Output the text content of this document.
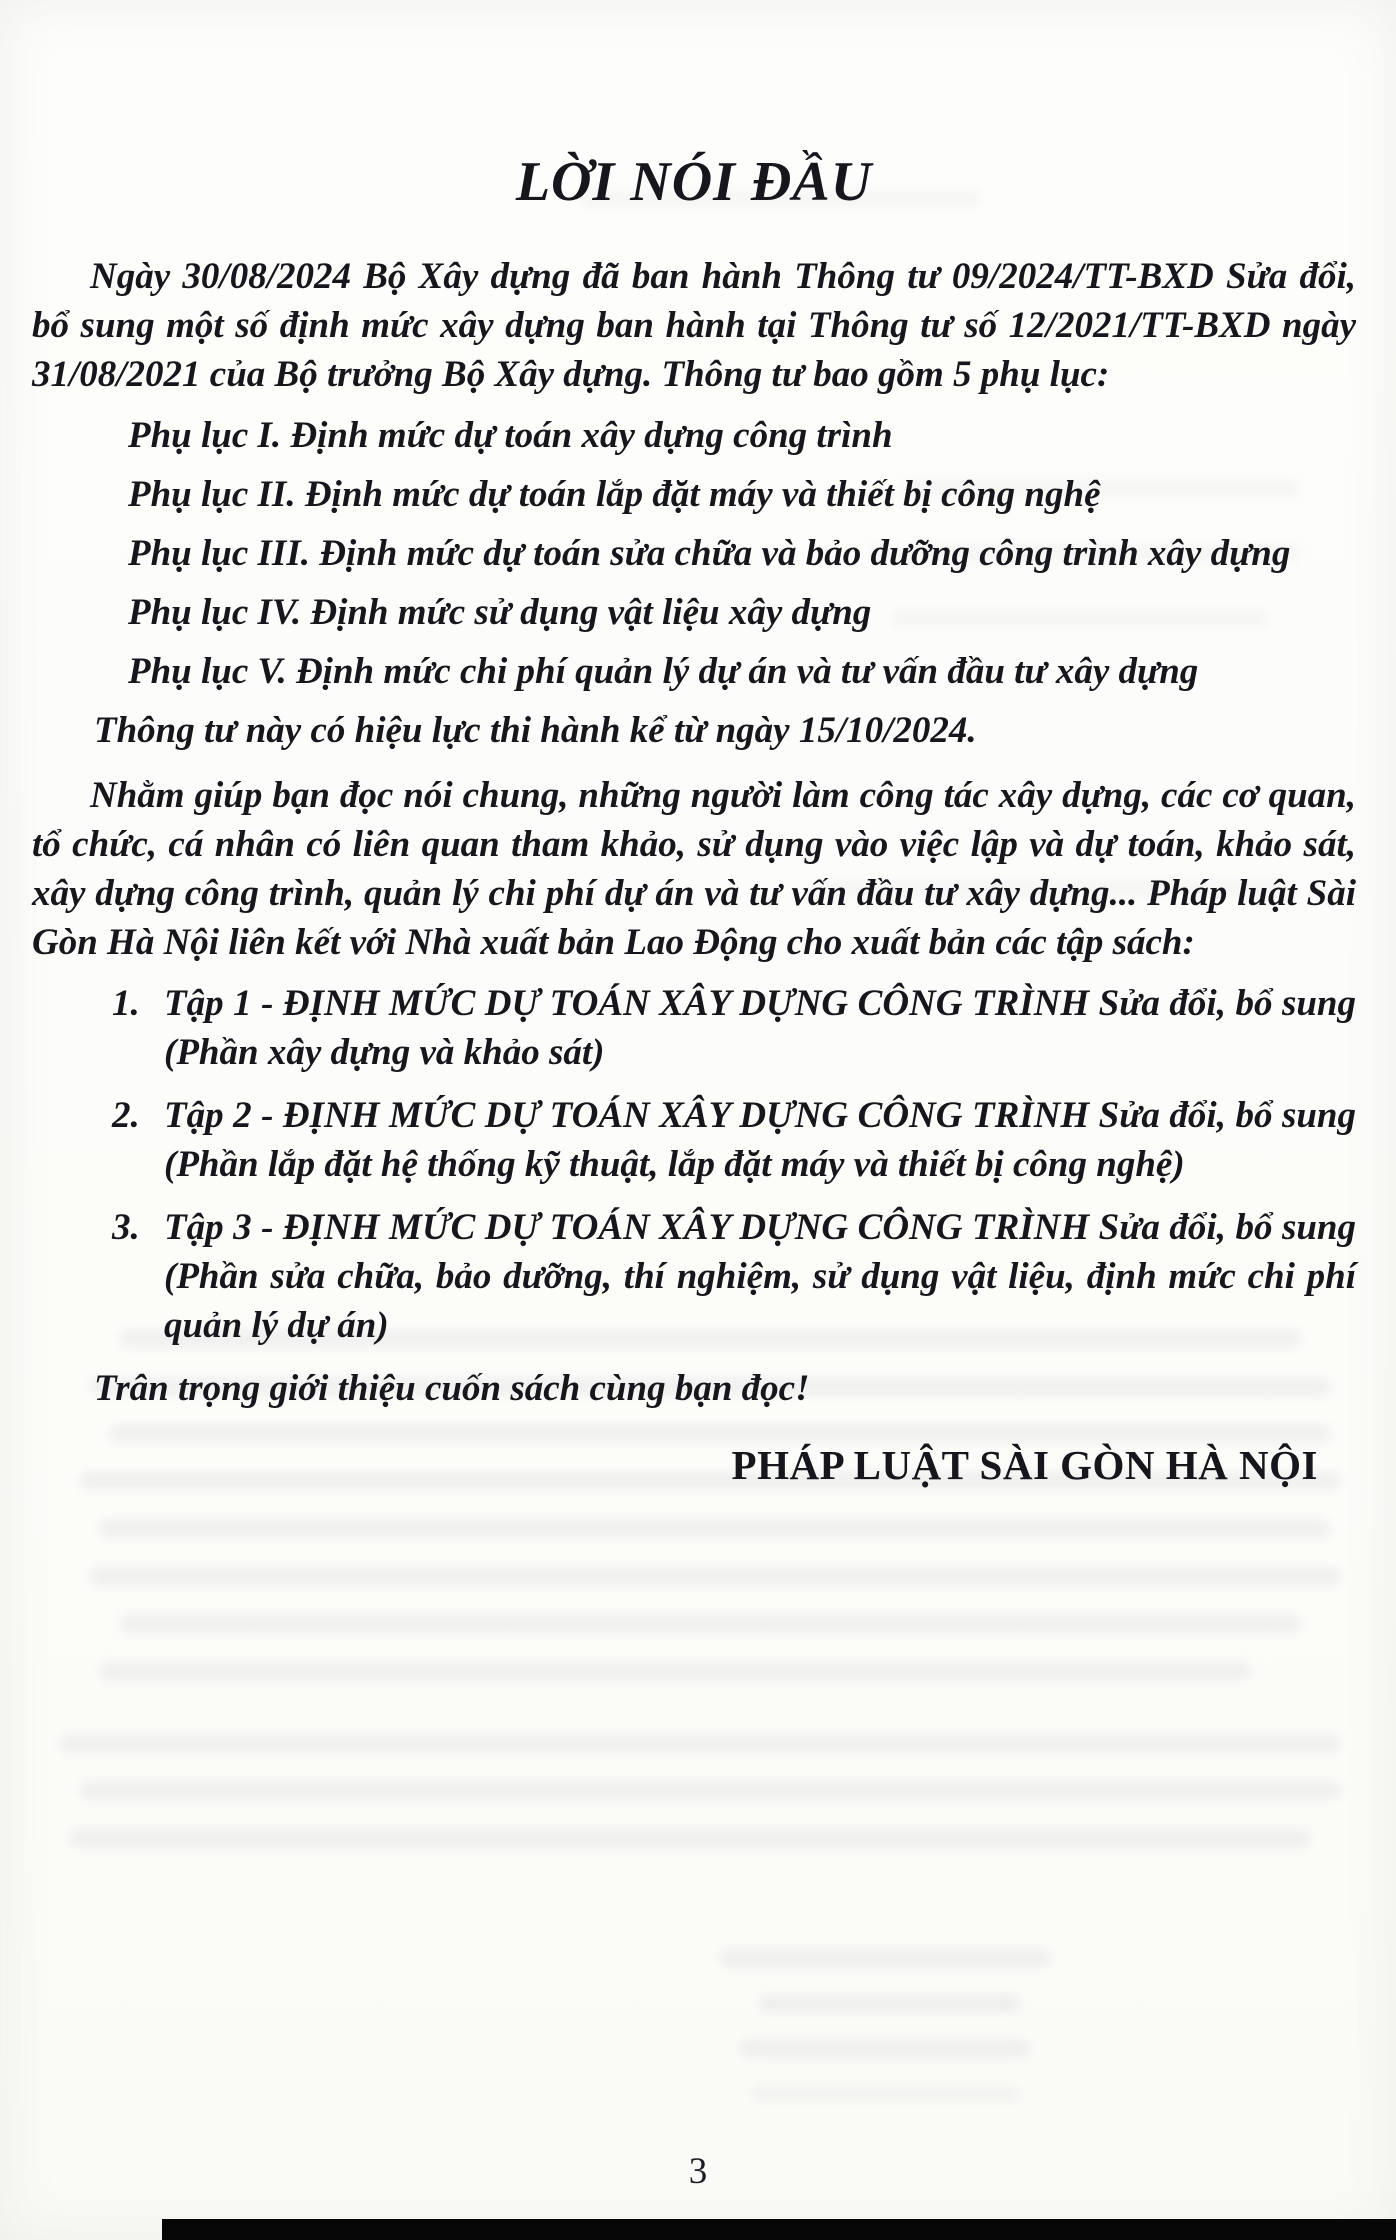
LỜI NÓI ĐẦU

Ngày 30/08/2024 Bộ Xây dựng đã ban hành Thông tư 09/2024/TT-BXD Sửa đổi, bổ sung một số định mức xây dựng ban hành tại Thông tư số 12/2021/TT-BXD ngày 31/08/2021 của Bộ trưởng Bộ Xây dựng. Thông tư bao gồm 5 phụ lục:

Phụ lục I. Định mức dự toán xây dựng công trình
Phụ lục II. Định mức dự toán lắp đặt máy và thiết bị công nghệ
Phụ lục III. Định mức dự toán sửa chữa và bảo dưỡng công trình xây dựng
Phụ lục IV. Định mức sử dụng vật liệu xây dựng
Phụ lục V. Định mức chi phí quản lý dự án và tư vấn đầu tư xây dựng

Thông tư này có hiệu lực thi hành kể từ ngày 15/10/2024.

Nhằm giúp bạn đọc nói chung, những người làm công tác xây dựng, các cơ quan, tổ chức, cá nhân có liên quan tham khảo, sử dụng vào việc lập và dự toán, khảo sát, xây dựng công trình, quản lý chi phí dự án và tư vấn đầu tư xây dựng... Pháp luật Sài Gòn Hà Nội liên kết với Nhà xuất bản Lao Động cho xuất bản các tập sách:

1. Tập 1 - ĐỊNH MỨC DỰ TOÁN XÂY DỰNG CÔNG TRÌNH Sửa đổi, bổ sung (Phần xây dựng và khảo sát)
2. Tập 2 - ĐỊNH MỨC DỰ TOÁN XÂY DỰNG CÔNG TRÌNH Sửa đổi, bổ sung (Phần lắp đặt hệ thống kỹ thuật, lắp đặt máy và thiết bị công nghệ)
3. Tập 3 - ĐỊNH MỨC DỰ TOÁN XÂY DỰNG CÔNG TRÌNH Sửa đổi, bổ sung (Phần sửa chữa, bảo dưỡng, thí nghiệm, sử dụng vật liệu, định mức chi phí quản lý dự án)

Trân trọng giới thiệu cuốn sách cùng bạn đọc!

PHÁP LUẬT SÀI GÒN HÀ NỘI

3
